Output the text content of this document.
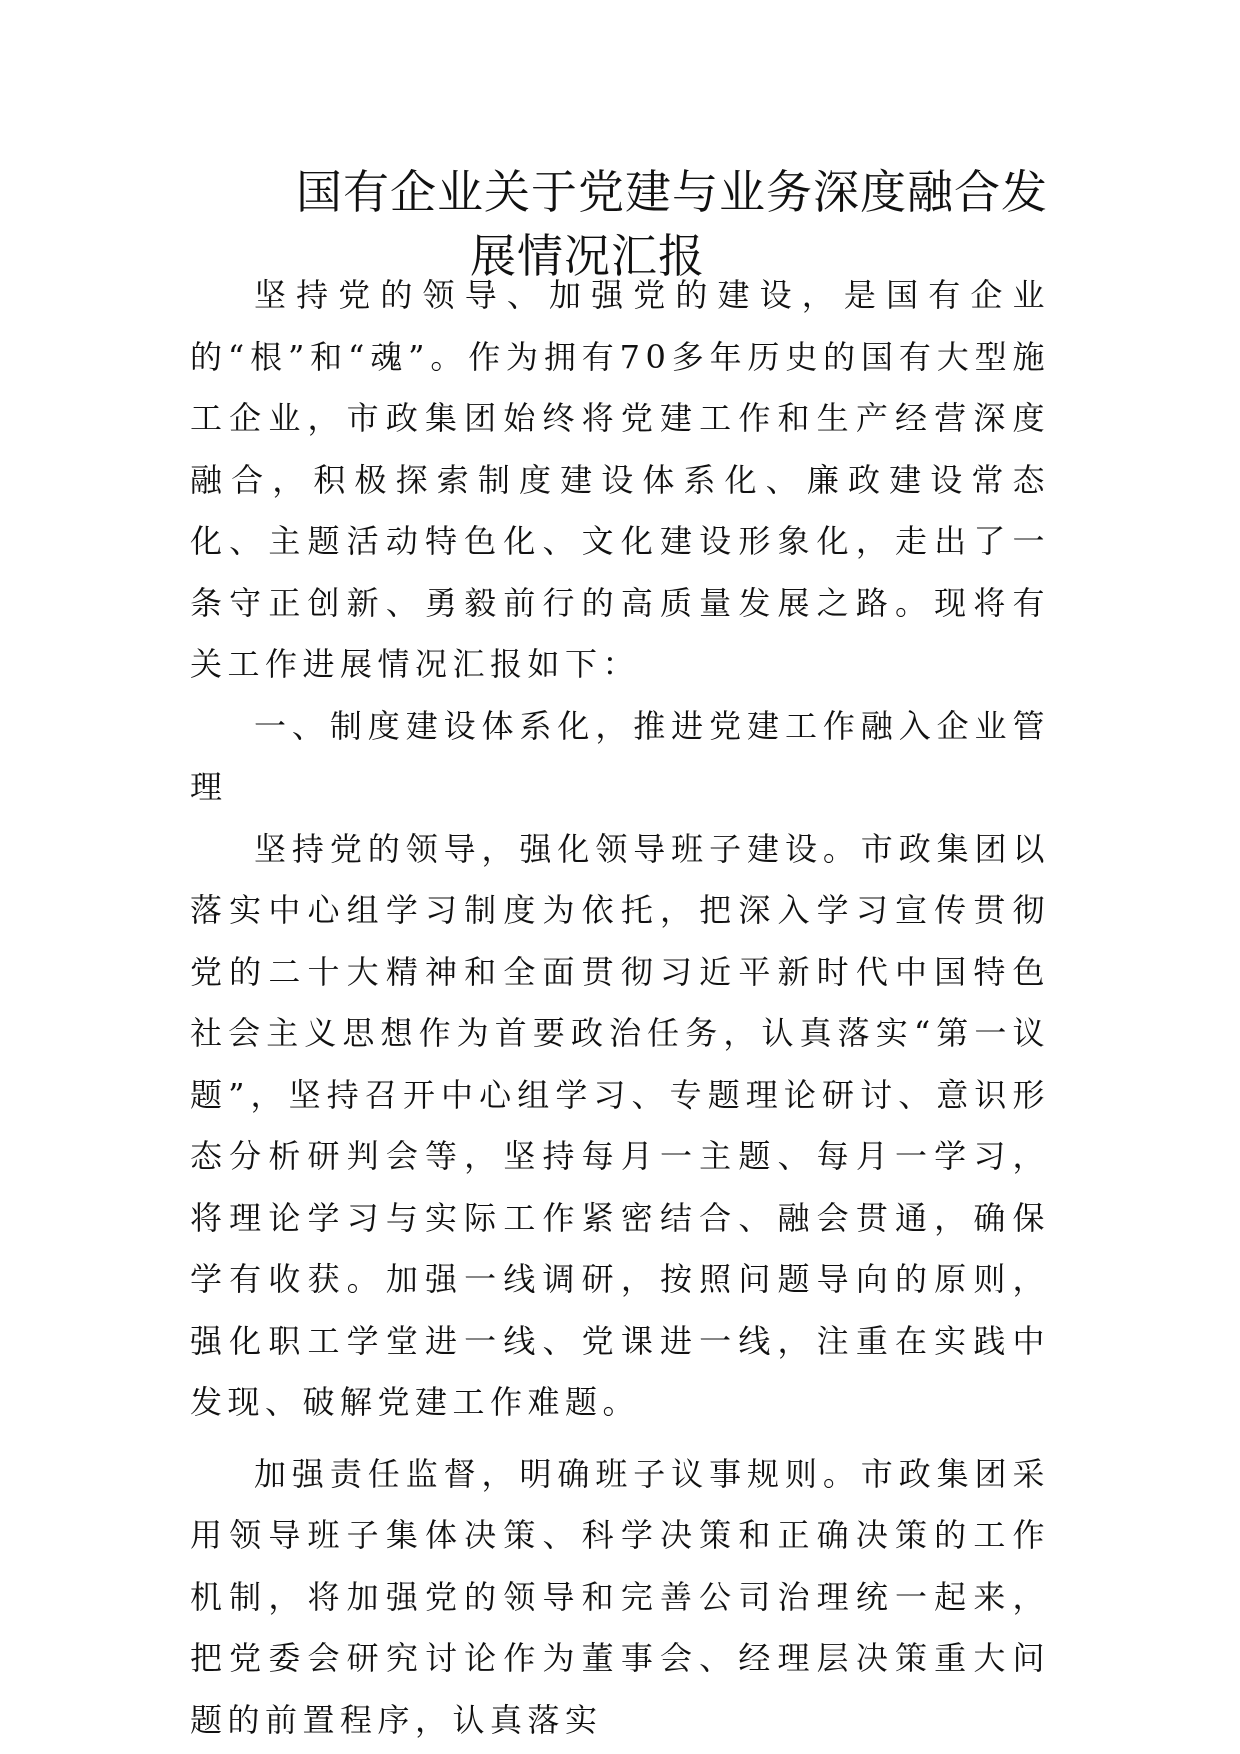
国有企业关于党建与业务深度融合发
展情况汇报

坚持党的领导、加强党的建设，是国有企业的“根”和“魂”。作为拥有70多年历史的国有大型施工企业，市政集团始终将党建工作和生产经营深度融合，积极探索制度建设体系化、廉政建设常态化、主题活动特色化、文化建设形象化，走出了一条守正创新、勇毅前行的高质量发展之路。现将有关工作进展情况汇报如下：

一、制度建设体系化，推进党建工作融入企业管理

坚持党的领导，强化领导班子建设。市政集团以落实中心组学习制度为依托，把深入学习宣传贯彻党的二十大精神和全面贯彻习近平新时代中国特色社会主义思想作为首要政治任务，认真落实“第一议题”，坚持召开中心组学习、专题理论研讨、意识形态分析研判会等，坚持每月一主题、每月一学习，将理论学习与实际工作紧密结合、融会贯通，确保学有收获。加强一线调研，按照问题导向的原则，强化职工学堂进一线、党课进一线，注重在实践中发现、破解党建工作难题。

加强责任监督，明确班子议事规则。市政集团采用领导班子集体决策、科学决策和正确决策的工作机制，将加强党的领导和完善公司治理统一起来，把党委会研究讨论作为董事会、经理层决策重大问题的前置程序，认真落实
